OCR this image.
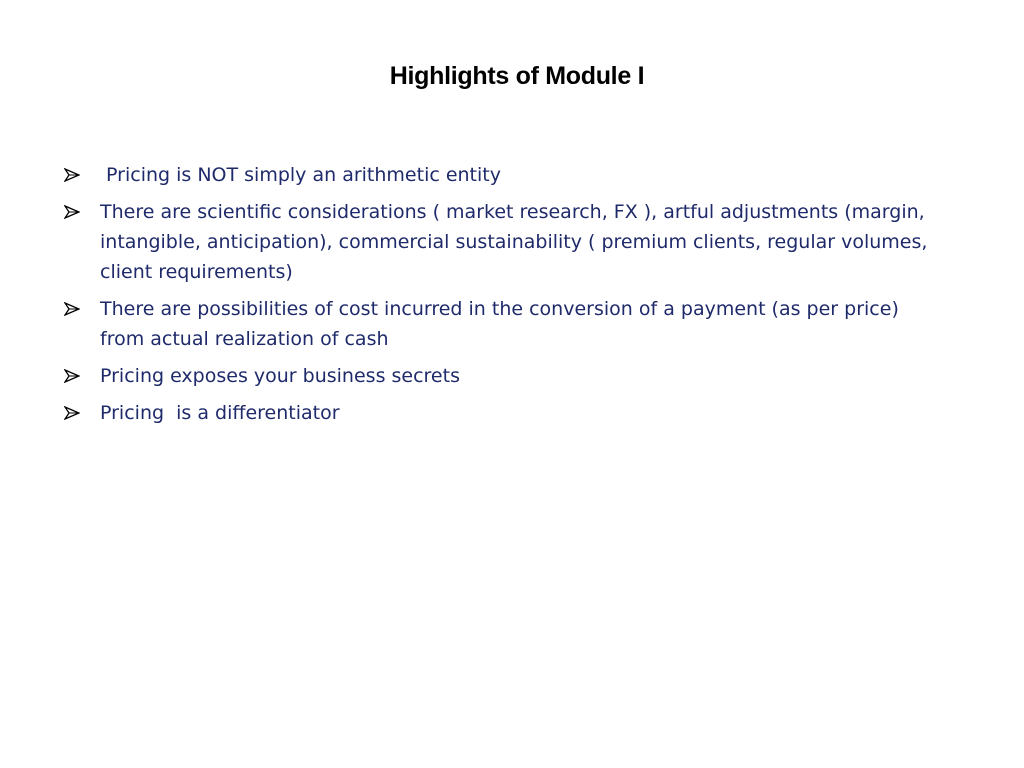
Highlights of Module I
Pricing is NOT simply an arithmetic entity
There are scientific considerations ( market research, FX ), artful adjustments (margin, intangible, anticipation), commercial sustainability ( premium clients, regular volumes, client requirements)
There are possibilities of cost incurred in the conversion of a payment (as per price) from actual realization of cash
Pricing exposes your business secrets
Pricing  is a differentiator
